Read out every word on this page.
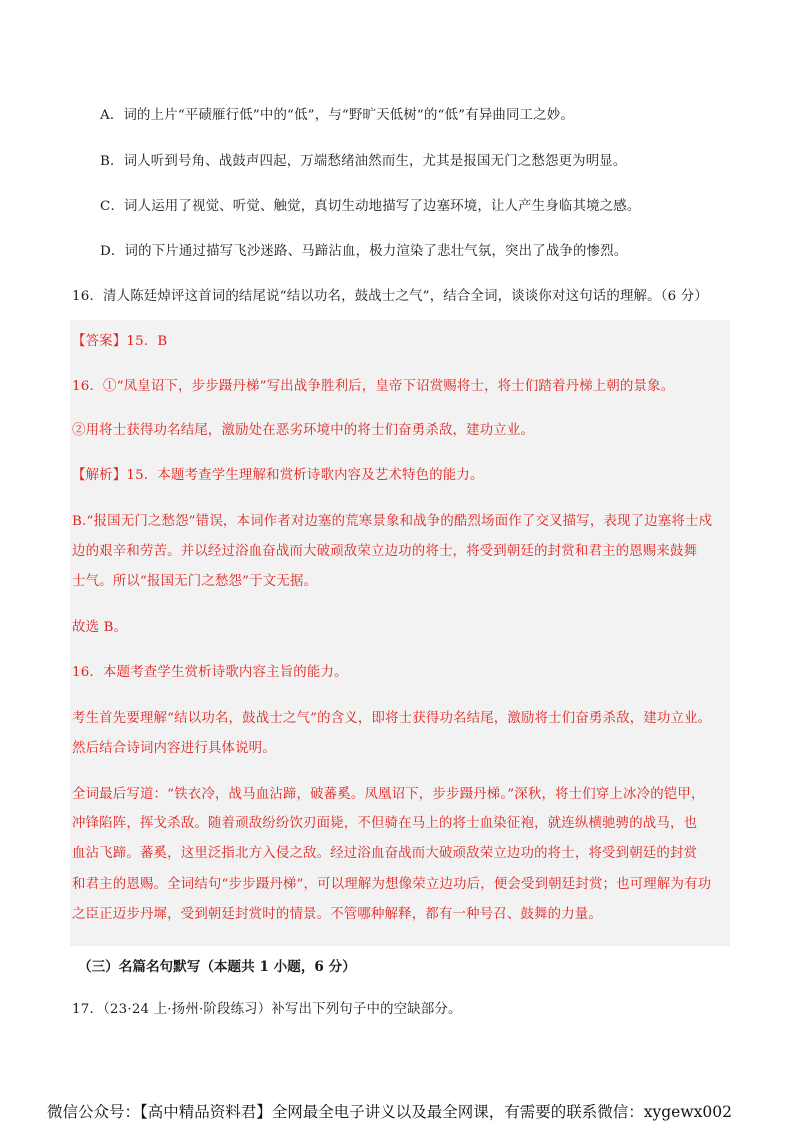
A．词的上片“平碛雁行低”中的“低”，与“野旷天低树”的“低”有异曲同工之妙。
B．词人听到号角、战鼓声四起，万端愁绪油然而生，尤其是报国无门之愁怨更为明显。
C．词人运用了视觉、听觉、触觉，真切生动地描写了边塞环境，让人产生身临其境之感。
D．词的下片通过描写飞沙迷路、马蹄沾血，极力渲染了悲壮气氛，突出了战争的惨烈。
16．清人陈廷焯评这首词的结尾说“结以功名，鼓战士之气”，结合全词，谈谈你对这句话的理解。（6 分）
【答案】15．B
16．①“凤皇诏下，步步蹑丹梯”写出战争胜利后，皇帝下诏赏赐将士，将士们踏着丹梯上朝的景象。
②用将士获得功名结尾，激励处在恶劣环境中的将士们奋勇杀敌，建功立业。
【解析】15．本题考查学生理解和赏析诗歌内容及艺术特色的能力。
B.“报国无门之愁怨”错误，本词作者对边塞的荒寒景象和战争的酷烈场面作了交叉描写，表现了边塞将士戍
边的艰辛和劳苦。并以经过浴血奋战而大破顽敌荣立边功的将士，将受到朝廷的封赏和君主的恩赐来鼓舞
士气。所以“报国无门之愁怨”于文无据。
故选 B。
16．本题考查学生赏析诗歌内容主旨的能力。
考生首先要理解“结以功名，鼓战士之气”的含义，即将士获得功名结尾，激励将士们奋勇杀敌，建功立业。
然后结合诗词内容进行具体说明。
全词最后写道：“铁衣冷，战马血沾蹄，破蕃奚。凤凰诏下，步步蹑丹梯。”深秋，将士们穿上冰冷的铠甲，
冲锋陷阵，挥戈杀敌。随着顽敌纷纷饮刃面毙，不但骑在马上的将士血染征袍，就连纵横驰骋的战马，也
血沾飞蹄。蕃奚，这里泛指北方入侵之敌。经过浴血奋战而大破顽敌荣立边功的将士，将受到朝廷的封赏
和君主的恩赐。全词结句“步步蹑丹梯”，可以理解为想像荣立边功后，便会受到朝廷封赏；也可理解为有功
之臣正迈步丹墀，受到朝廷封赏时的情景。不管哪种解释，都有一种号召、鼓舞的力量。
（三）名篇名句默写（本题共 1 小题，6 分）
17．（23·24 上·扬州·阶段练习）补写出下列句子中的空缺部分。
微信公众号：【高中精品资料君】全网最全电子讲义以及最全网课，有需要的联系微信：xygewx002
